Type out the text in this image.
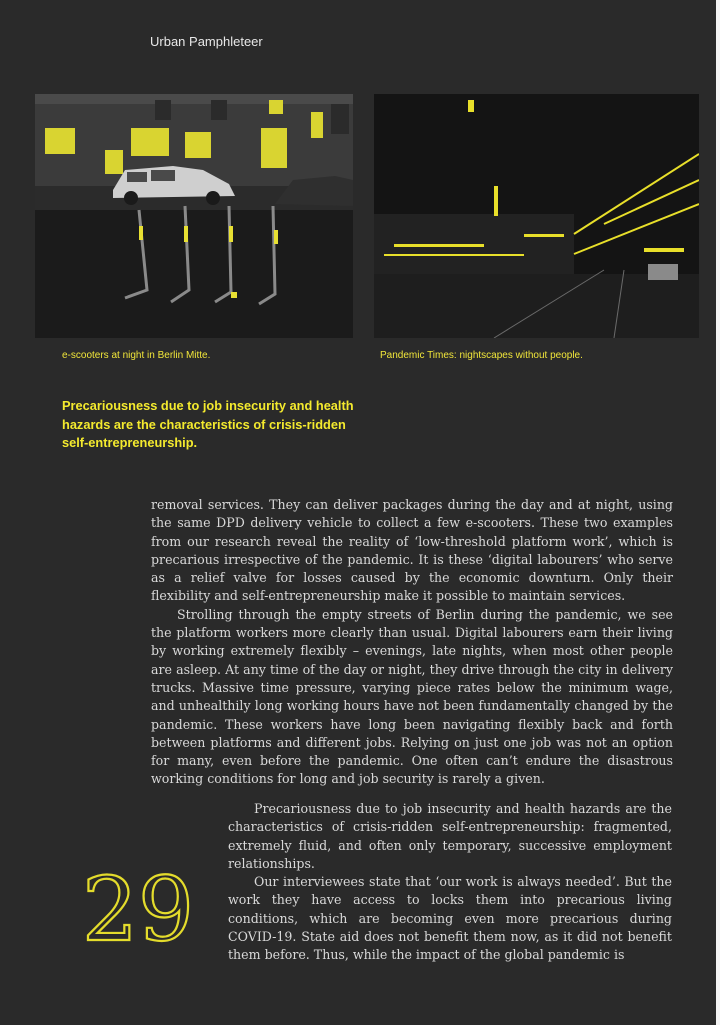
Urban Pamphleteer
e-scooters at night in Berlin Mitte.	Pandemic Times: nightscapes without people.
Precariousness due to job insecurity and health hazards are the characteristics of crisis-ridden self-entrepreneurship.

removal services. They can deliver packages during the day and at night, using the same DPD delivery vehicle to collect a few e-scooters. These two examples from our research reveal the reality of ‘low-threshold platform work’, which is precarious irrespective of the pandemic. It is these ‘digital labourers’ who serve as a relief valve for losses caused by the economic downturn. Only their flexibility and self-entrepreneurship make it possible to maintain services.

Strolling through the empty streets of Berlin during the pandemic, we see the platform workers more clearly than usual. Digital labourers earn their living by working extremely flexibly – evenings, late nights, when most other people are asleep. At any time of the day or night, they drive through the city in delivery trucks. Massive time pressure, varying piece rates below the minimum wage, and unhealthily long working hours have not been fundamentally changed by the pandemic. These workers have long been navigating flexibly back and forth between platforms and different jobs. Relying on just one job was not an option for many, even before the pandemic. One often can’t endure the disastrous working conditions for long and job security is rarely a given.

Precariousness due to job insecurity and health hazards are the characteristics of crisis-ridden self-entrepreneurship: fragmented, extremely fluid, and often only temporary, successive employment relationships.

Our interviewees state that ‘our work is always needed’. But the work they have access to locks them into precarious living conditions, which are becoming even more precarious during COVID-19. State aid does not benefit them now, as it did not benefit them before. Thus, while the impact of the global pandemic is

29
